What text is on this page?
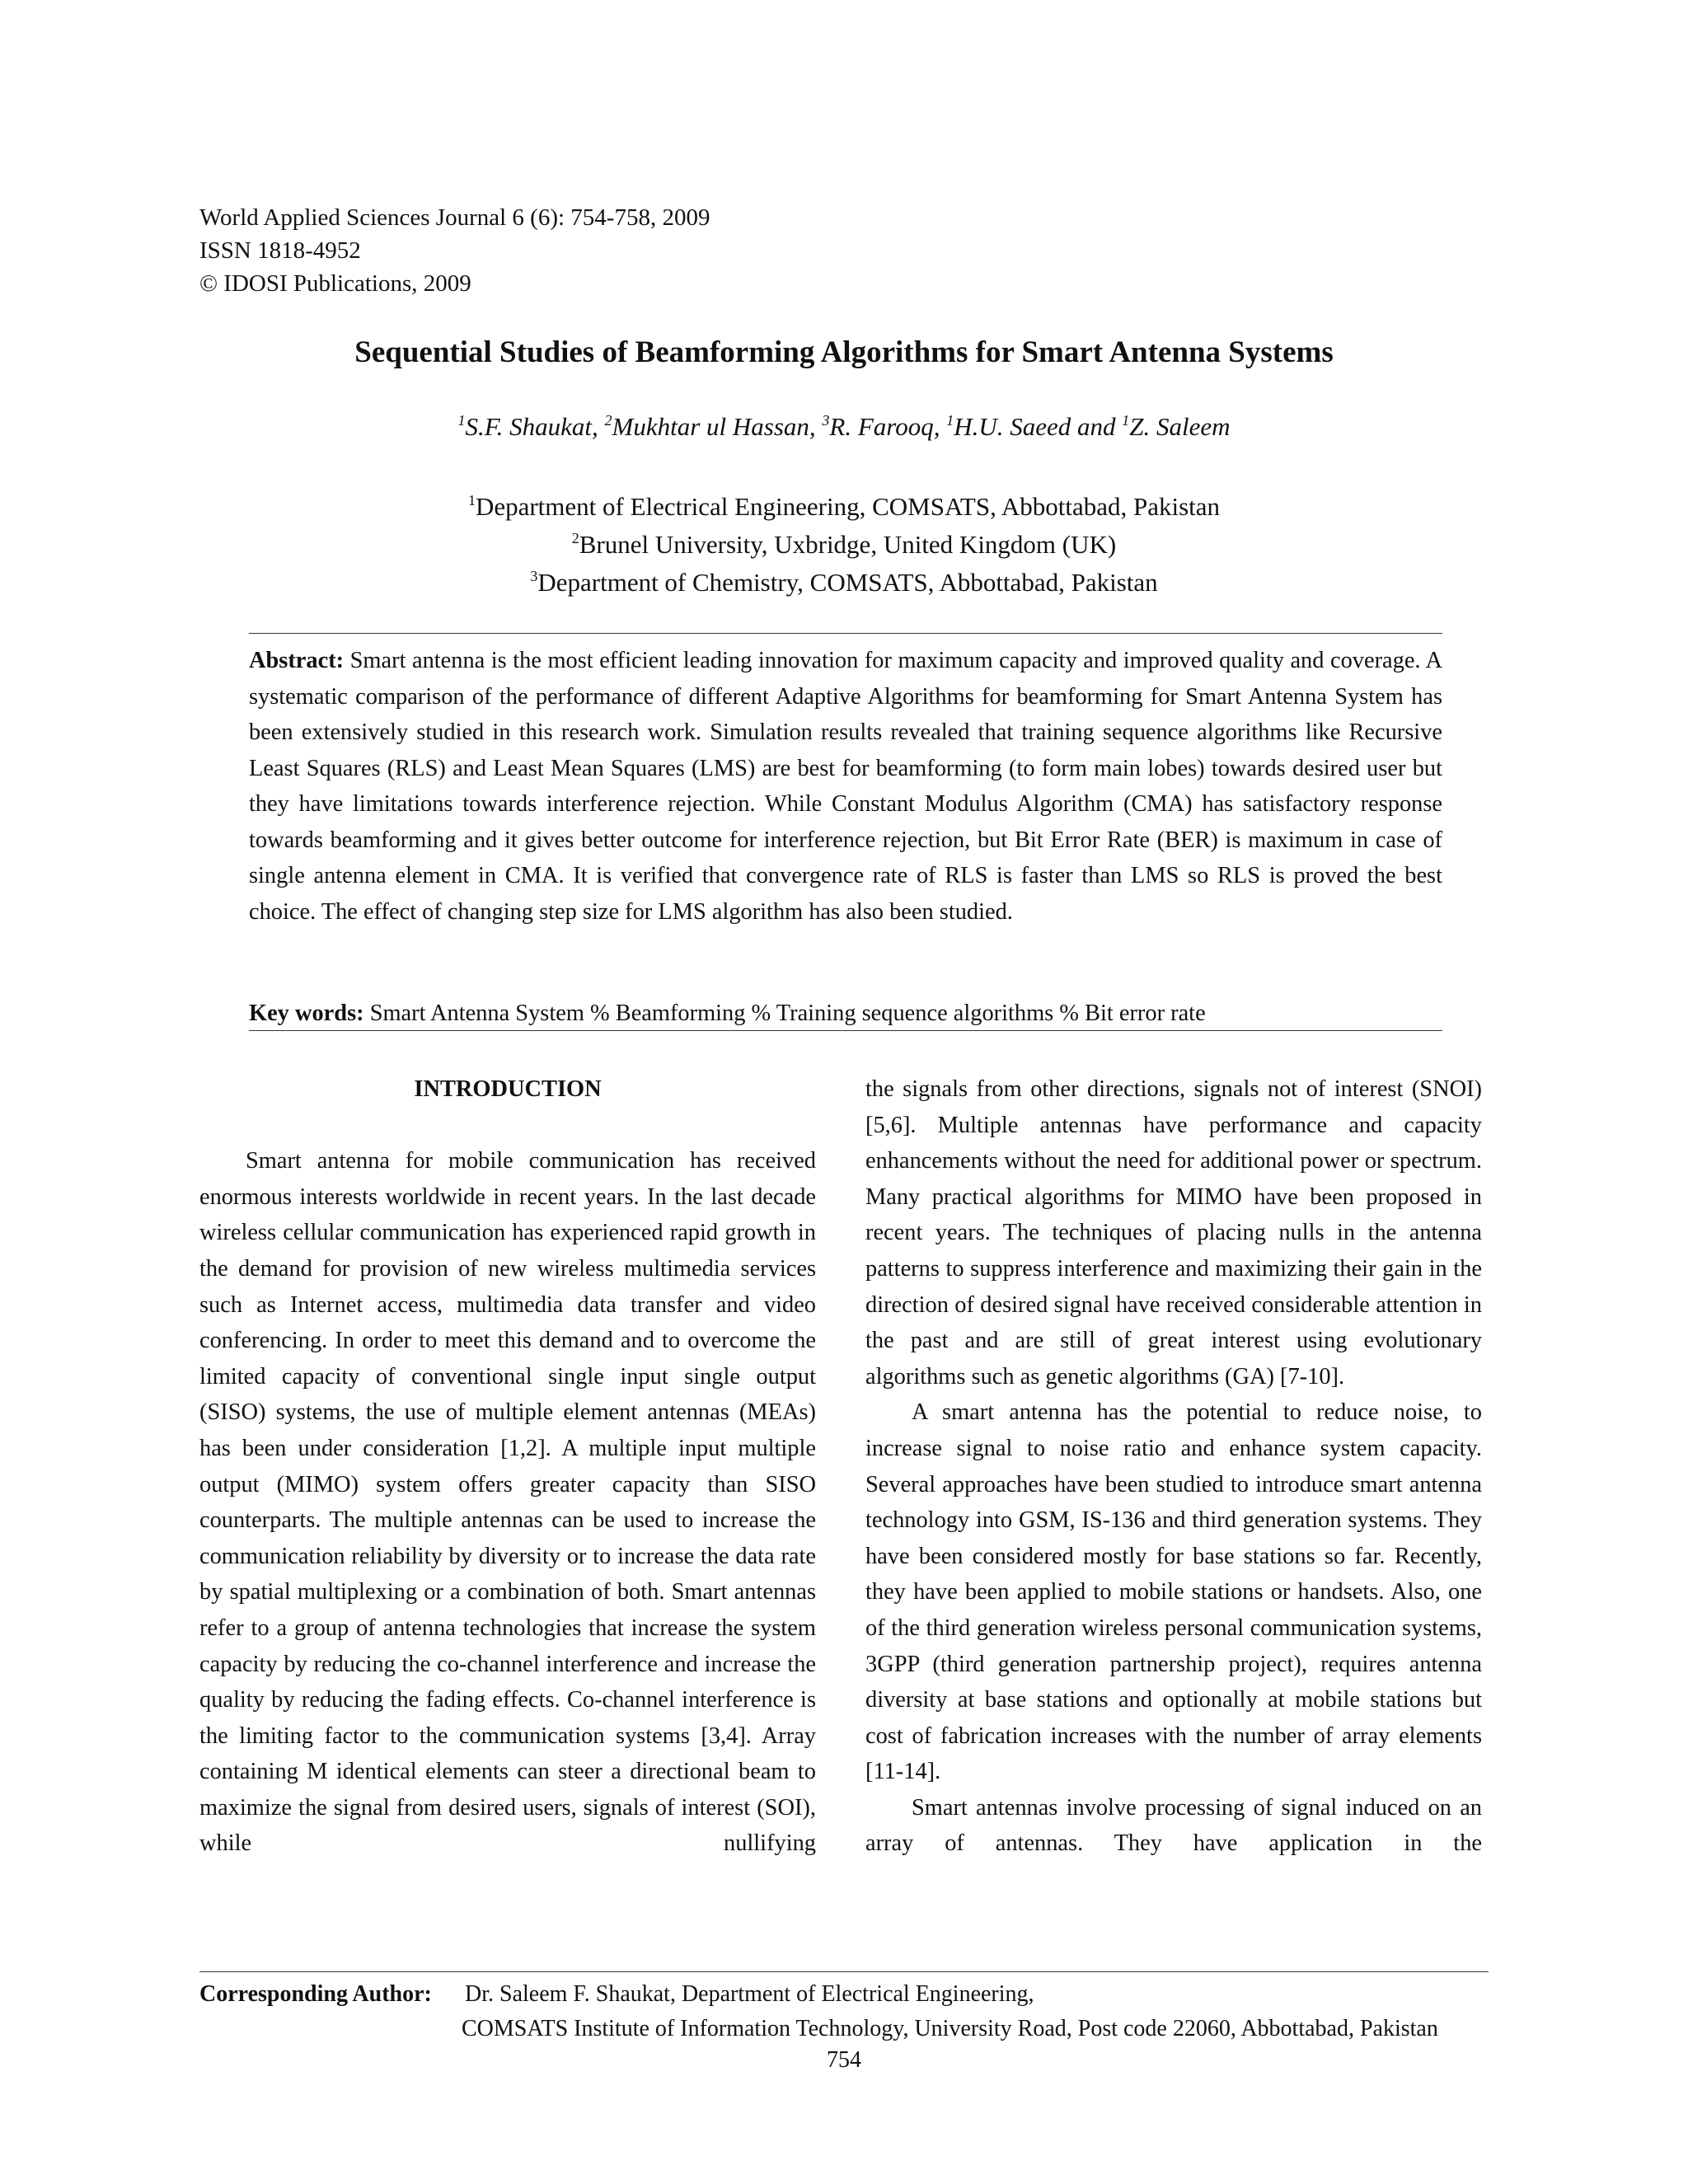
World Applied Sciences Journal 6 (6): 754-758, 2009
ISSN 1818-4952
© IDOSI Publications, 2009
Sequential Studies of Beamforming Algorithms for Smart Antenna Systems
$^1$S.F. Shaukat, $^2$Mukhtar ul Hassan, $^3$R. Farooq, $^1$H.U. Saeed and $^1$Z. Saleem
$^1$Department of Electrical Engineering, COMSATS, Abbottabad, Pakistan
$^2$Brunel University, Uxbridge, United Kingdom (UK)
$^3$Department of Chemistry, COMSATS, Abbottabad, Pakistan
Abstract: Smart antenna is the most efficient leading innovation for maximum capacity and improved quality and coverage. A systematic comparison of the performance of different Adaptive Algorithms for beamforming for Smart Antenna System has been extensively studied in this research work. Simulation results revealed that training sequence algorithms like Recursive Least Squares (RLS) and Least Mean Squares (LMS) are best for beamforming (to form main lobes) towards desired user but they have limitations towards interference rejection. While Constant Modulus Algorithm (CMA) has satisfactory response towards beamforming and it gives better outcome for interference rejection, but Bit Error Rate (BER) is maximum in case of single antenna element in CMA. It is verified that convergence rate of RLS is faster than LMS so RLS is proved the best choice. The effect of changing step size for LMS algorithm has also been studied.
Key words: Smart Antenna System % Beamforming % Training sequence algorithms % Bit error rate
INTRODUCTION

Smart antenna for mobile communication has received enormous interests worldwide in recent years. In the last decade wireless cellular communication has experienced rapid growth in the demand for provision of new wireless multimedia services such as Internet access, multimedia data transfer and video conferencing. In order to meet this demand and to overcome the limited capacity of conventional single input single output (SISO) systems, the use of multiple element antennas (MEAs) has been under consideration [1,2]. A multiple input multiple output (MIMO) system offers greater capacity than SISO counterparts. The multiple antennas can be used to increase the communication reliability by diversity or to increase the data rate by spatial multiplexing or a combination of both. Smart antennas refer to a group of antenna technologies that increase the system capacity by reducing the co-channel interference and increase the quality by reducing the fading effects. Co-channel interference is the limiting factor to the communication systems [3,4]. Array containing M identical elements can steer a directional beam to maximize the signal from desired users, signals of interest (SOI), while nullifying

the signals from other directions, signals not of interest (SNOI) [5,6]. Multiple antennas have performance and capacity enhancements without the need for additional power or spectrum. Many practical algorithms for MIMO have been proposed in recent years. The techniques of placing nulls in the antenna patterns to suppress interference and maximizing their gain in the direction of desired signal have received considerable attention in the past and are still of great interest using evolutionary algorithms such as genetic algorithms (GA) [7-10].

A smart antenna has the potential to reduce noise, to increase signal to noise ratio and enhance system capacity. Several approaches have been studied to introduce smart antenna technology into GSM, IS-136 and third generation systems. They have been considered mostly for base stations so far. Recently, they have been applied to mobile stations or handsets. Also, one of the third generation wireless personal communication systems, 3GPP (third generation partnership project), requires antenna diversity at base stations and optionally at mobile stations but cost of fabrication increases with the number of array elements [11-14].

Smart antennas involve processing of signal induced on an array of antennas. They have application in the

Corresponding Author: Dr. Saleem F. Shaukat, Department of Electrical Engineering,
COMSATS Institute of Information Technology, University Road, Post code 22060, Abbottabad, Pakistan
754
